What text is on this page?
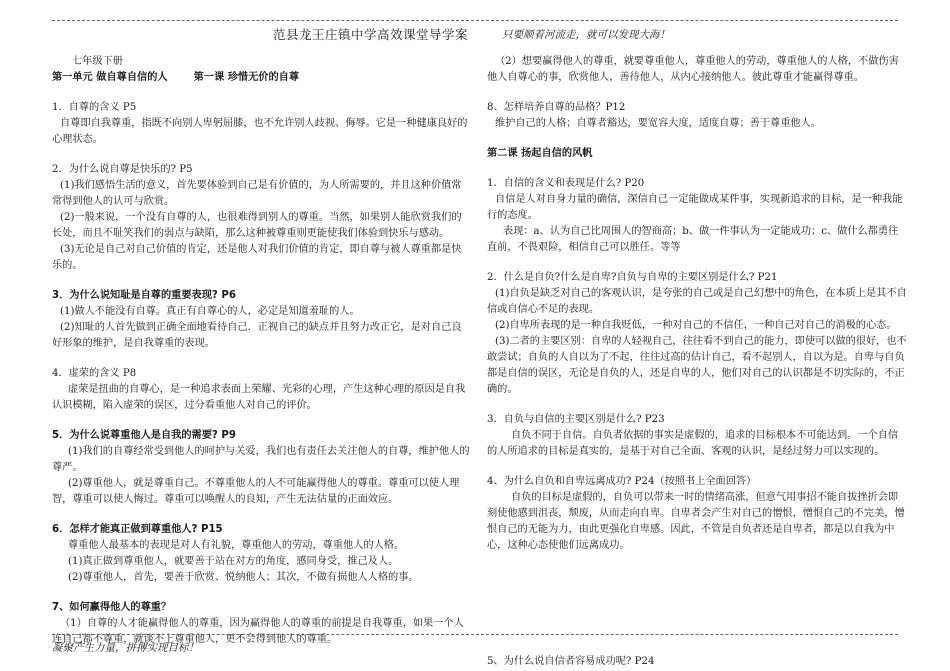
范县龙王庄镇中学高效课堂导学案	只要顺着河流走，就可以发现大海！
七年级下册
第一单元 做自尊自信的人	第一课 珍惜无价的自尊
1．自尊的含义 P5
自尊即自我尊重，指既不向别人卑躬屈膝，也不允许别人歧视、侮辱。它是一种健康良好的心理状态。
2．为什么说自尊是快乐的? P5
(1)我们感悟生活的意义，首先要体验到自己是有价值的，为人所需要的，并且这种价值常常得到他人的认可与欣赏。
(2)一般来说，一个没有自尊的人，也很难得到别人的尊重。当然，如果别人能欣赏我们的长处，而且不耻笑我们的弱点与缺陷，那么这种被尊重则更能使我们体验到快乐与感动。
(3)无论是自己对自己价值的肯定，还是他人对我们价值的肯定，即自尊与被人尊重都是快乐的。
3．为什么说知耻是自尊的重要表现? P6
(1)做人不能没有自尊。真正有自尊心的人，必定是知道羞耻的人。
(2)知耻的人首先做到正确全面地看待自己．正视自己的缺点并且努力改正它，是对自己良好形象的维护，是自我尊重的表现。
4．虚荣的含义 P8
虚荣是扭曲的自尊心，是一种追求表面上荣耀、光彩的心理，产生这种心理的原因是自我认识模糊，陷入虚荣的误区，过分看重他人对自己的评价。
5．为什么说尊重他人是自我的需要? P9
(1)我们的自尊经常受到他人的呵护与关爱，我们也有责任去关注他人的自尊，维护他人的尊严。
(2)尊重他人，就是尊重自己。不尊重他人的人不可能赢得他人的尊重。尊重可以使人理智，尊重可以使人悔过。尊重可以唤醒人的良知，产生无法估量的正面效应。
6．怎样才能真正做到尊重他人? P15
尊重他人最基本的表现是对人有礼貌，尊重他人的劳动，尊重他人的人格。
(1)真正做到尊重他人，就要善于站在对方的角度，感同身受，推己及人。
(2)尊重他人，首先，要善于欣赏、悦纳他人；其次，不做有损他人人格的事。
7、如何赢得他人的尊重？
（1）自尊的人才能赢得他人的尊重，因为赢得他人的尊重的前提是自我尊重，如果一个人连自己都不尊重，就谈不上尊重他人，更不会得到他人的尊重。
（2）想要赢得他人的尊重，就要尊重他人，尊重他人的劳动，尊重他人的人格，不做伤害他人自尊心的事，欣赏他人，善待他人，从内心接纳他人。彼此尊重才能赢得尊重。
8、怎样培养自尊的品格？P12
维护自己的人格；自尊者豁达，要宽容大度，适度自尊；善于尊重他人。
第二课 扬起自信的风帆
1．自信的含义和表现是什么? P20
自信是人对自身力量的确信，深信自己一定能做成某件事，实现新追求的目标，是一种我能行的态度。
表现：a、认为自己比周围人的智商高；b、做一件事认为一定能成功；c、做什么都勇往直前，不畏艰险，相信自己可以胜任。等等
2．什么是自负?什么是自卑?自负与自卑的主要区别是什么? P21
(1)自负是缺乏对自己的客观认识，是夸张的自己或是自己幻想中的角色，在本质上是其不自信或自信心不足的表现。
(2)自卑所表现的是一种自我贬低，一种对自己的不信任，一种自己对自己的消极的心态。
(3)二者的主要区别：自卑的人轻视自己，往往看不到自己的能力，即使可以做的很好，也不敢尝试；自负的人自以为了不起，往往过高的估计自己，看不起别人，自以为是。自卑与自负都是自信的误区，无论是自负的人，还是自卑的人，他们对自己的认识都是不切实际的，不正确的。
3．自负与自信的主要区别是什么? P23
自负不同于自信。自负者依据的事实是虚假的，追求的目标根本不可能达到。一个自信的人所追求的目标是真实的，是基于对自己全面、客观的认识，是经过努力可以实现的。
4、为什么自负和自卑远离成功? P24（按照书上全面回答）
自负的目标是虚假的，自负可以带来一时的情绪高涨，但意气用事招不能自拔挫折会即刻使他感到沮丧，颓废，从而走向自卑。自卑者会产生对自己的憎恨，憎恨自己的不完美，憎恨自己的无能为力，由此更强化自卑感。因此，不管是自负者还是自卑者，都是以自我为中心，这种心态使他们远离成功。
5、为什么说自信者容易成功呢? P24
凝聚产生力量，拼搏实现目标！
